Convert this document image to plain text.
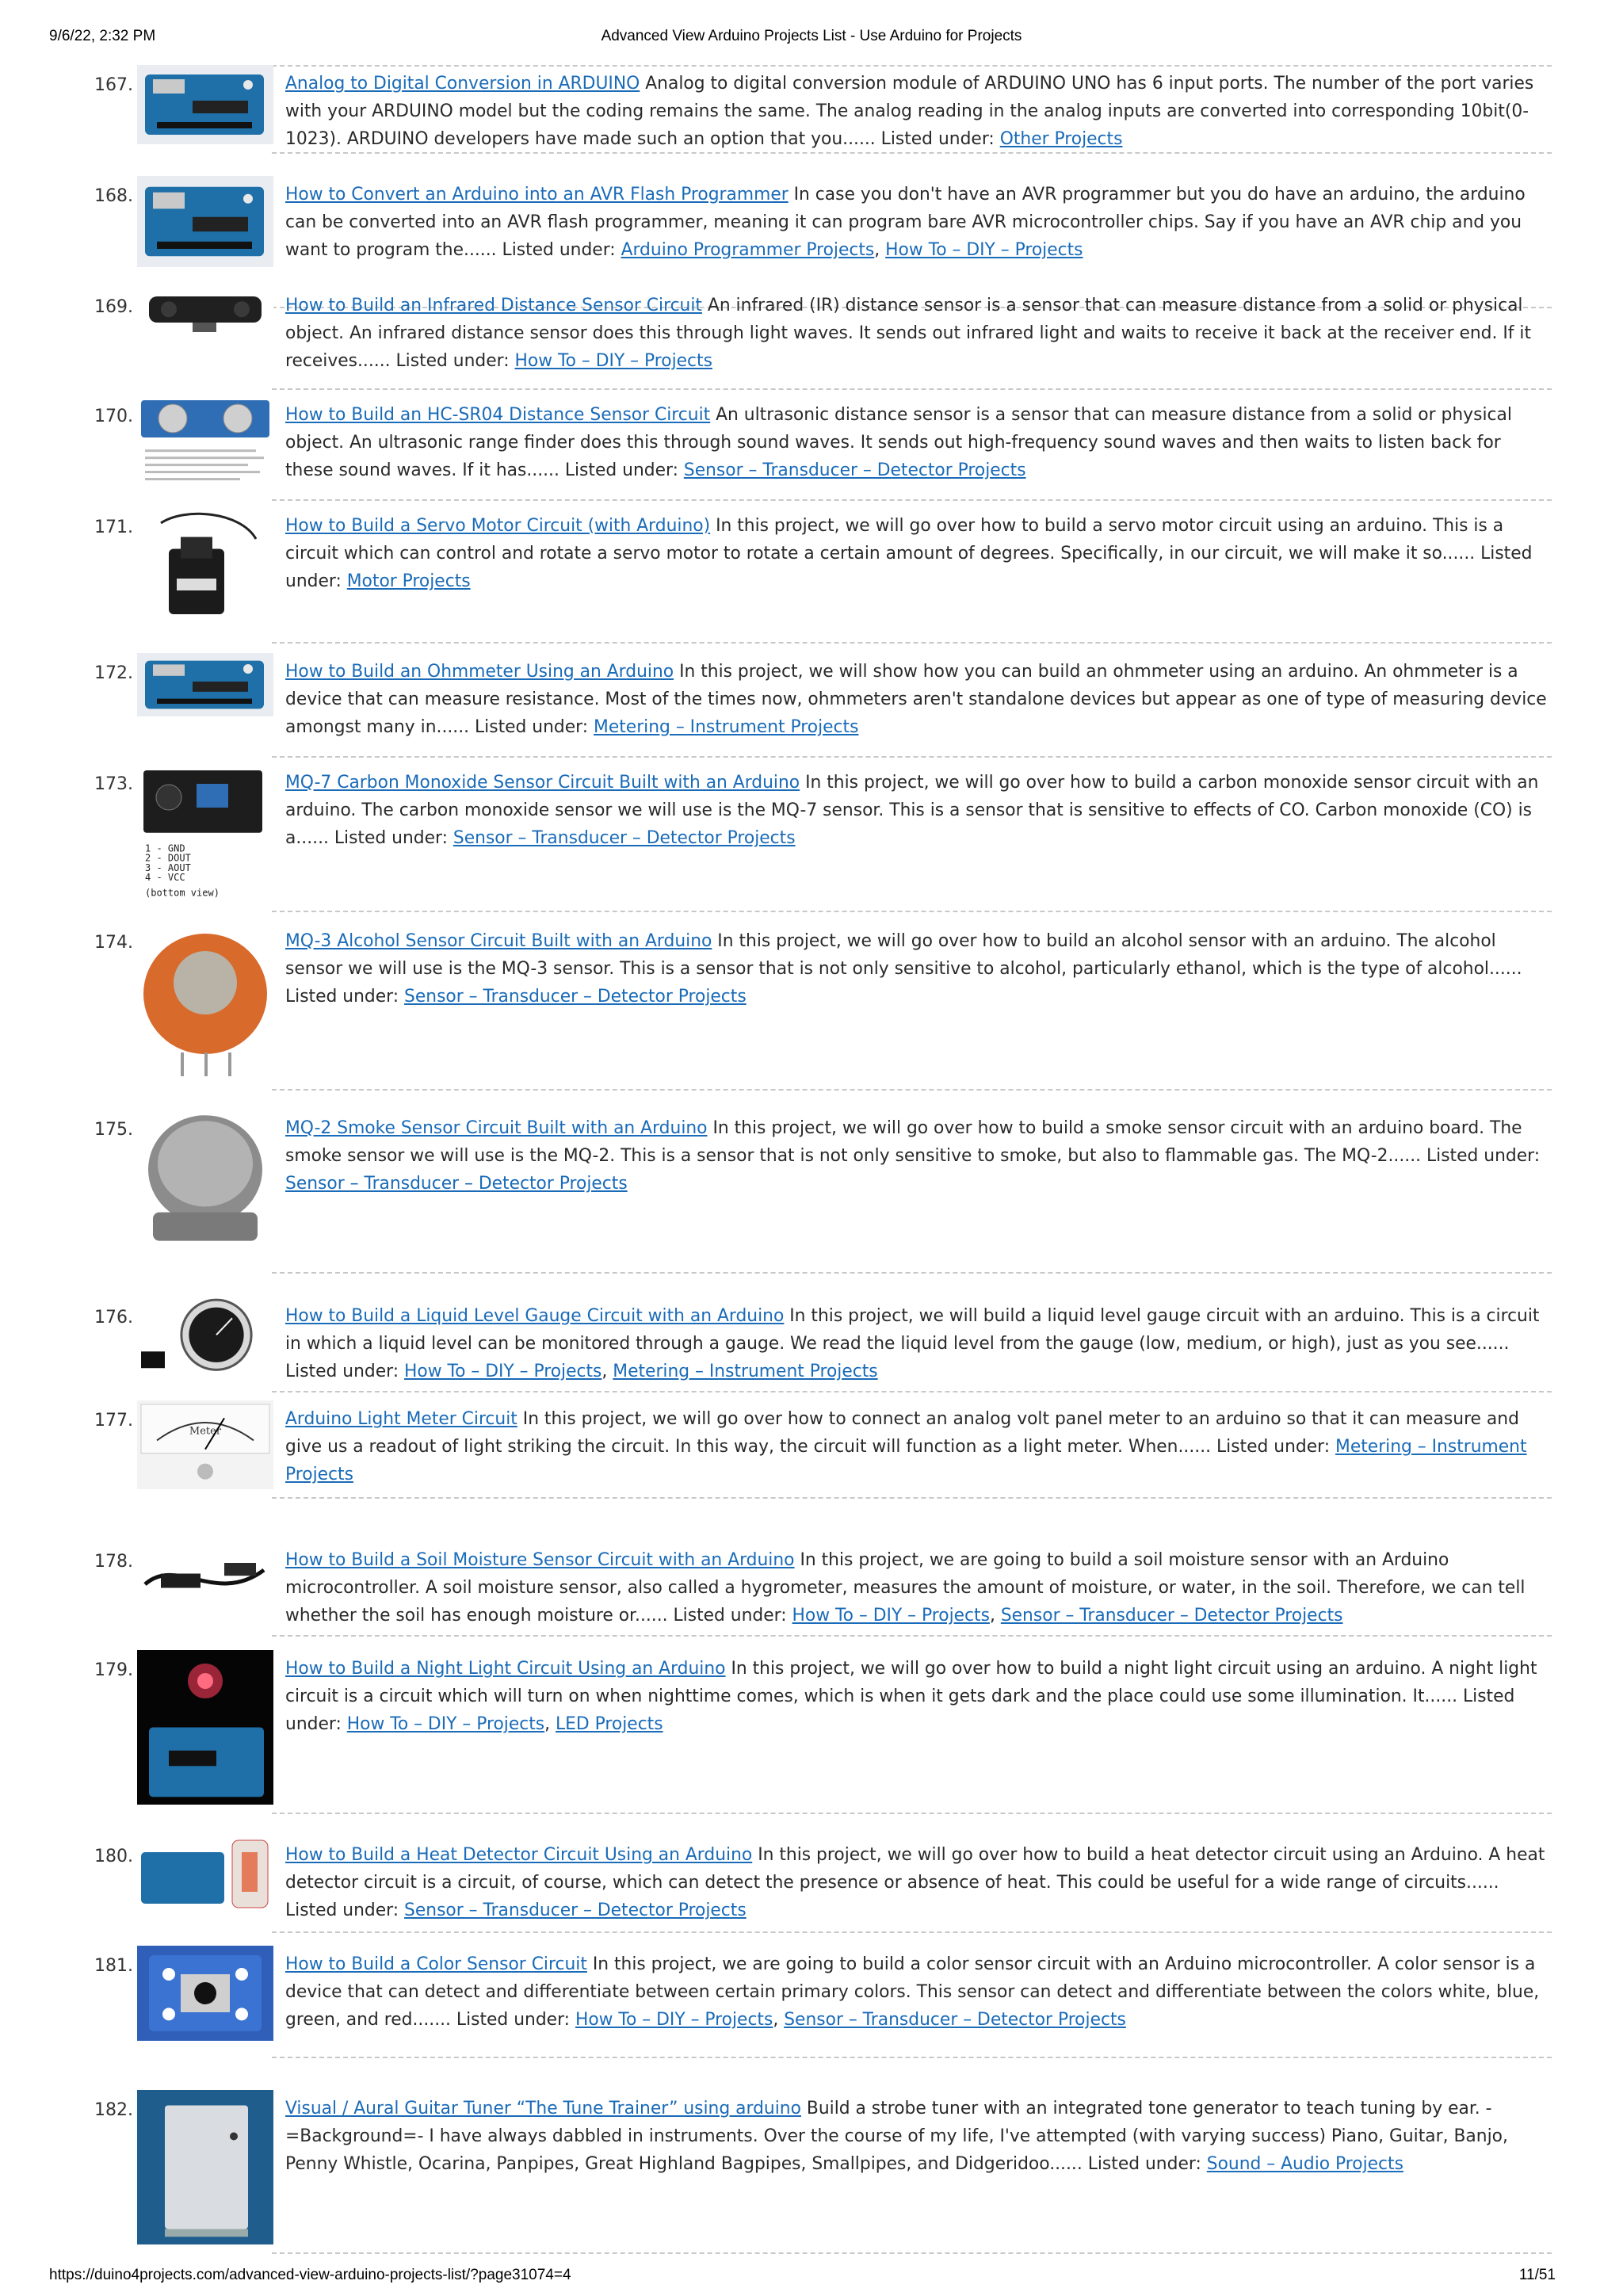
9/6/22, 2:32 PM	Advanced View Arduino Projects List - Use Arduino for Projects
167.	Analog to Digital Conversion in ARDUINO Analog to digital conversion module of ARDUINO UNO has 6 input ports. The number of the port varies with your ARDUINO model but the coding remains the same. The analog reading in the analog inputs are converted into corresponding 10bit(0-1023). ARDUINO developers have made such an option that you...... Listed under: Other Projects
168.	How to Convert an Arduino into an AVR Flash Programmer In case you don't have an AVR programmer but you do have an arduino, the arduino can be converted into an AVR flash programmer, meaning it can program bare AVR microcontroller chips. Say if you have an AVR chip and you want to program the...... Listed under: Arduino Programmer Projects, How To – DIY – Projects
169.	How to Build an Infrared Distance Sensor Circuit An infrared (IR) distance sensor is a sensor that can measure distance from a solid or physical object. An infrared distance sensor does this through light waves. It sends out infrared light and waits to receive it back at the receiver end. If it receives...... Listed under: How To – DIY – Projects
170.	How to Build an HC-SR04 Distance Sensor Circuit An ultrasonic distance sensor is a sensor that can measure distance from a solid or physical object. An ultrasonic range finder does this through sound waves. It sends out high-frequency sound waves and then waits to listen back for these sound waves. If it has...... Listed under: Sensor – Transducer – Detector Projects
171.	How to Build a Servo Motor Circuit (with Arduino) In this project, we will go over how to build a servo motor circuit using an arduino. This is a circuit which can control and rotate a servo motor to rotate a certain amount of degrees. Specifically, in our circuit, we will make it so...... Listed under: Motor Projects
172.	How to Build an Ohmmeter Using an Arduino In this project, we will show how you can build an ohmmeter using an arduino. An ohmmeter is a device that can measure resistance. Most of the times now, ohmmeters aren't standalone devices but appear as one of type of measuring device amongst many in...... Listed under: Metering – Instrument Projects
173.
1 - GND
2 - DOUT
3 - AOUT
4 - VCC
(bottom view)
MQ-7 Carbon Monoxide Sensor Circuit Built with an Arduino In this project, we will go over how to build a carbon monoxide sensor circuit with an arduino. The carbon monoxide sensor we will use is the MQ-7 sensor. This is a sensor that is sensitive to effects of CO. Carbon monoxide (CO) is a...... Listed under: Sensor – Transducer – Detector Projects
174.	MQ-3 Alcohol Sensor Circuit Built with an Arduino In this project, we will go over how to build an alcohol sensor with an arduino. The alcohol sensor we will use is the MQ-3 sensor. This is a sensor that is not only sensitive to alcohol, particularly ethanol, which is the type of alcohol...... Listed under: Sensor – Transducer – Detector Projects
175.	MQ-2 Smoke Sensor Circuit Built with an Arduino In this project, we will go over how to build a smoke sensor circuit with an arduino board. The smoke sensor we will use is the MQ-2. This is a sensor that is not only sensitive to smoke, but also to flammable gas. The MQ-2...... Listed under: Sensor – Transducer – Detector Projects
176.	How to Build a Liquid Level Gauge Circuit with an Arduino In this project, we will build a liquid level gauge circuit with an arduino. This is a circuit in which a liquid level can be monitored through a gauge. We read the liquid level from the gauge (low, medium, or high), just as you see...... Listed under: How To – DIY – Projects, Metering – Instrument Projects
177.
Meter
Arduino Light Meter Circuit In this project, we will go over how to connect an analog volt panel meter to an arduino so that it can measure and give us a readout of light striking the circuit. In this way, the circuit will function as a light meter. When...... Listed under: Metering – Instrument Projects
178.	How to Build a Soil Moisture Sensor Circuit with an Arduino In this project, we are going to build a soil moisture sensor with an Arduino microcontroller. A soil moisture sensor, also called a hygrometer, measures the amount of moisture, or water, in the soil. Therefore, we can tell whether the soil has enough moisture or...... Listed under: How To – DIY – Projects, Sensor – Transducer – Detector Projects
179.	How to Build a Night Light Circuit Using an Arduino In this project, we will go over how to build a night light circuit using an arduino. A night light circuit is a circuit which will turn on when nighttime comes, which is when it gets dark and the place could use some illumination. It...... Listed under: How To – DIY – Projects, LED Projects
180.	How to Build a Heat Detector Circuit Using an Arduino In this project, we will go over how to build a heat detector circuit using an Arduino. A heat detector circuit is a circuit, of course, which can detect the presence or absence of heat. This could be useful for a wide range of circuits...... Listed under: Sensor – Transducer – Detector Projects
181.	How to Build a Color Sensor Circuit In this project, we are going to build a color sensor circuit with an Arduino microcontroller. A color sensor is a device that can detect and differentiate between certain primary colors. This sensor can detect and differentiate between the colors white, blue, green, and red....... Listed under: How To – DIY – Projects, Sensor – Transducer – Detector Projects
182.	Visual / Aural Guitar Tuner “The Tune Trainer” using arduino Build a strobe tuner with an integrated tone generator to teach tuning by ear. -=Background=- I have always dabbled in instruments. Over the course of my life, I've attempted (with varying success) Piano, Guitar, Banjo, Penny Whistle, Ocarina, Panpipes, Great Highland Bagpipes, Smallpipes, and Didgeridoo...... Listed under: Sound – Audio Projects
https://duino4projects.com/advanced-view-arduino-projects-list/?page31074=4	11/51
